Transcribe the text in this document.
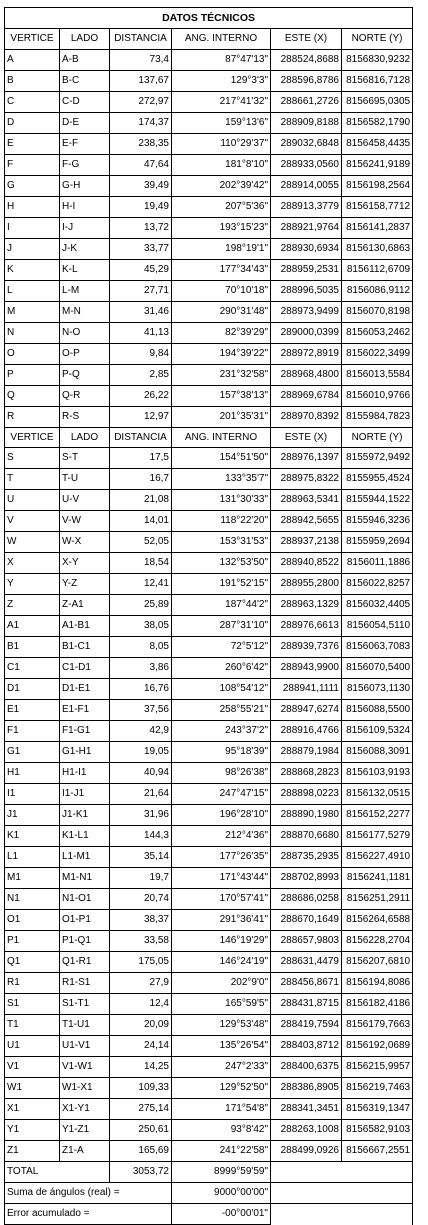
DATOS TÉCNICOS					
VERTICE	LADO	DISTANCIA	ANG. INTERNO	ESTE (X)	NORTE (Y)
A	A-B	73,4	87°47'13"	288524,8688	8156830,9232
B	B-C	137,67	129°3'3"	288596,8786	8156816,7128
C	C-D	272,97	217°41'32"	288661,2726	8156695,0305
D	D-E	174,37	159°13'6"	288909,8188	8156582,1790
E	E-F	238,35	110°29'37"	289032,6848	8156458,4435
F	F-G	47,64	181°8'10"	288933,0560	8156241,9189
G	G-H	39,49	202°39'42"	288914,0055	8156198,2564
H	H-I	19,49	207°5'36"	288913,3779	8156158,7712
I	I-J	13,72	193°15'23"	288921,9764	8156141,2837
J	J-K	33,77	198°19'1"	288930,6934	8156130,6863
K	K-L	45,29	177°34'43"	288959,2531	8156112,6709
L	L-M	27,71	70°10'18"	288996,5035	8156086,9112
M	M-N	31,46	290°31'48"	288973,9499	8156070,8198
N	N-O	41,13	82°39'29"	289000,0399	8156053,2462
O	O-P	9,84	194°39'22"	288972,8919	8156022,3499
P	P-Q	2,85	231°32'58"	288968,4800	8156013,5584
Q	Q-R	26,22	157°38'13"	288969,6784	8156010,9766
R	R-S	12,97	201°35'31"	288970,8392	8155984,7823
VERTICE	LADO	DISTANCIA	ANG. INTERNO	ESTE (X)	NORTE (Y)
S	S-T	17,5	154°51'50"	288976,1397	8155972,9492
T	T-U	16,7	133°35'7"	288975,8322	8155955,4524
U	U-V	21,08	131°30'33"	288963,5341	8155944,1522
V	V-W	14,01	118°22'20"	288942,5655	8155946,3236
W	W-X	52,05	153°31'53"	288937,2138	8155959,2694
X	X-Y	18,54	132°53'50"	288940,8522	8156011,1886
Y	Y-Z	12,41	191°52'15"	288955,2800	8156022,8257
Z	Z-A1	25,89	187°44'2"	288963,1329	8156032,4405
A1	A1-B1	38,05	287°31'10"	288976,6613	8156054,5110
B1	B1-C1	8,05	72°5'12"	288939,7376	8156063,7083
C1	C1-D1	3,86	260°6'42"	288943,9900	8156070,5400
D1	D1-E1	16,76	108°54'12"	288941,1111	8156073,1130
E1	E1-F1	37,56	258°55'21"	288947,6274	8156088,5500
F1	F1-G1	42,9	243°37'2"	288916,4766	8156109,5324
G1	G1-H1	19,05	95°18'39"	288879,1984	8156088,3091
H1	H1-I1	40,94	98°26'38"	288868,2823	8156103,9193
I1	I1-J1	21,64	247°47'15"	288898,0223	8156132,0515
J1	J1-K1	31,96	196°28'10"	288890,1980	8156152,2277
K1	K1-L1	144,3	212°4'36"	288870,6680	8156177,5279
L1	L1-M1	35,14	177°26'35"	288735,2935	8156227,4910
M1	M1-N1	19,7	171°43'44"	288702,8993	8156241,1181
N1	N1-O1	20,74	170°57'41"	288686,0258	8156251,2911
O1	O1-P1	38,37	291°36'41"	288670,1649	8156264,6588
P1	P1-Q1	33,58	146°19'29"	288657,9803	8156228,2704
Q1	Q1-R1	175,05	146°24'19"	288631,4479	8156207,6810
R1	R1-S1	27,9	202°9'0"	288456,8671	8156194,8086
S1	S1-T1	12,4	165°59'5"	288431,8715	8156182,4186
T1	T1-U1	20,09	129°53'48"	288419,7594	8156179,7663
U1	U1-V1	24,14	135°26'54"	288403,8712	8156192,0689
V1	V1-W1	14,25	247°2'33"	288400,6375	8156215,9957
W1	W1-X1	109,33	129°52'50"	288386,8905	8156219,7463
X1	X1-Y1	275,14	171°54'8"	288341,3451	8156319,1347
Y1	Y1-Z1	250,61	93°8'42"	288263,1008	8156582,9103
Z1	Z1-A	165,69	241°22'58"	288499,0926	8156667,2551
TOTAL		3053,72	8999°59'59"		
Suma de ángulos (real) =			9000°00'00"		
Error acumulado =			-00°00'01"		
